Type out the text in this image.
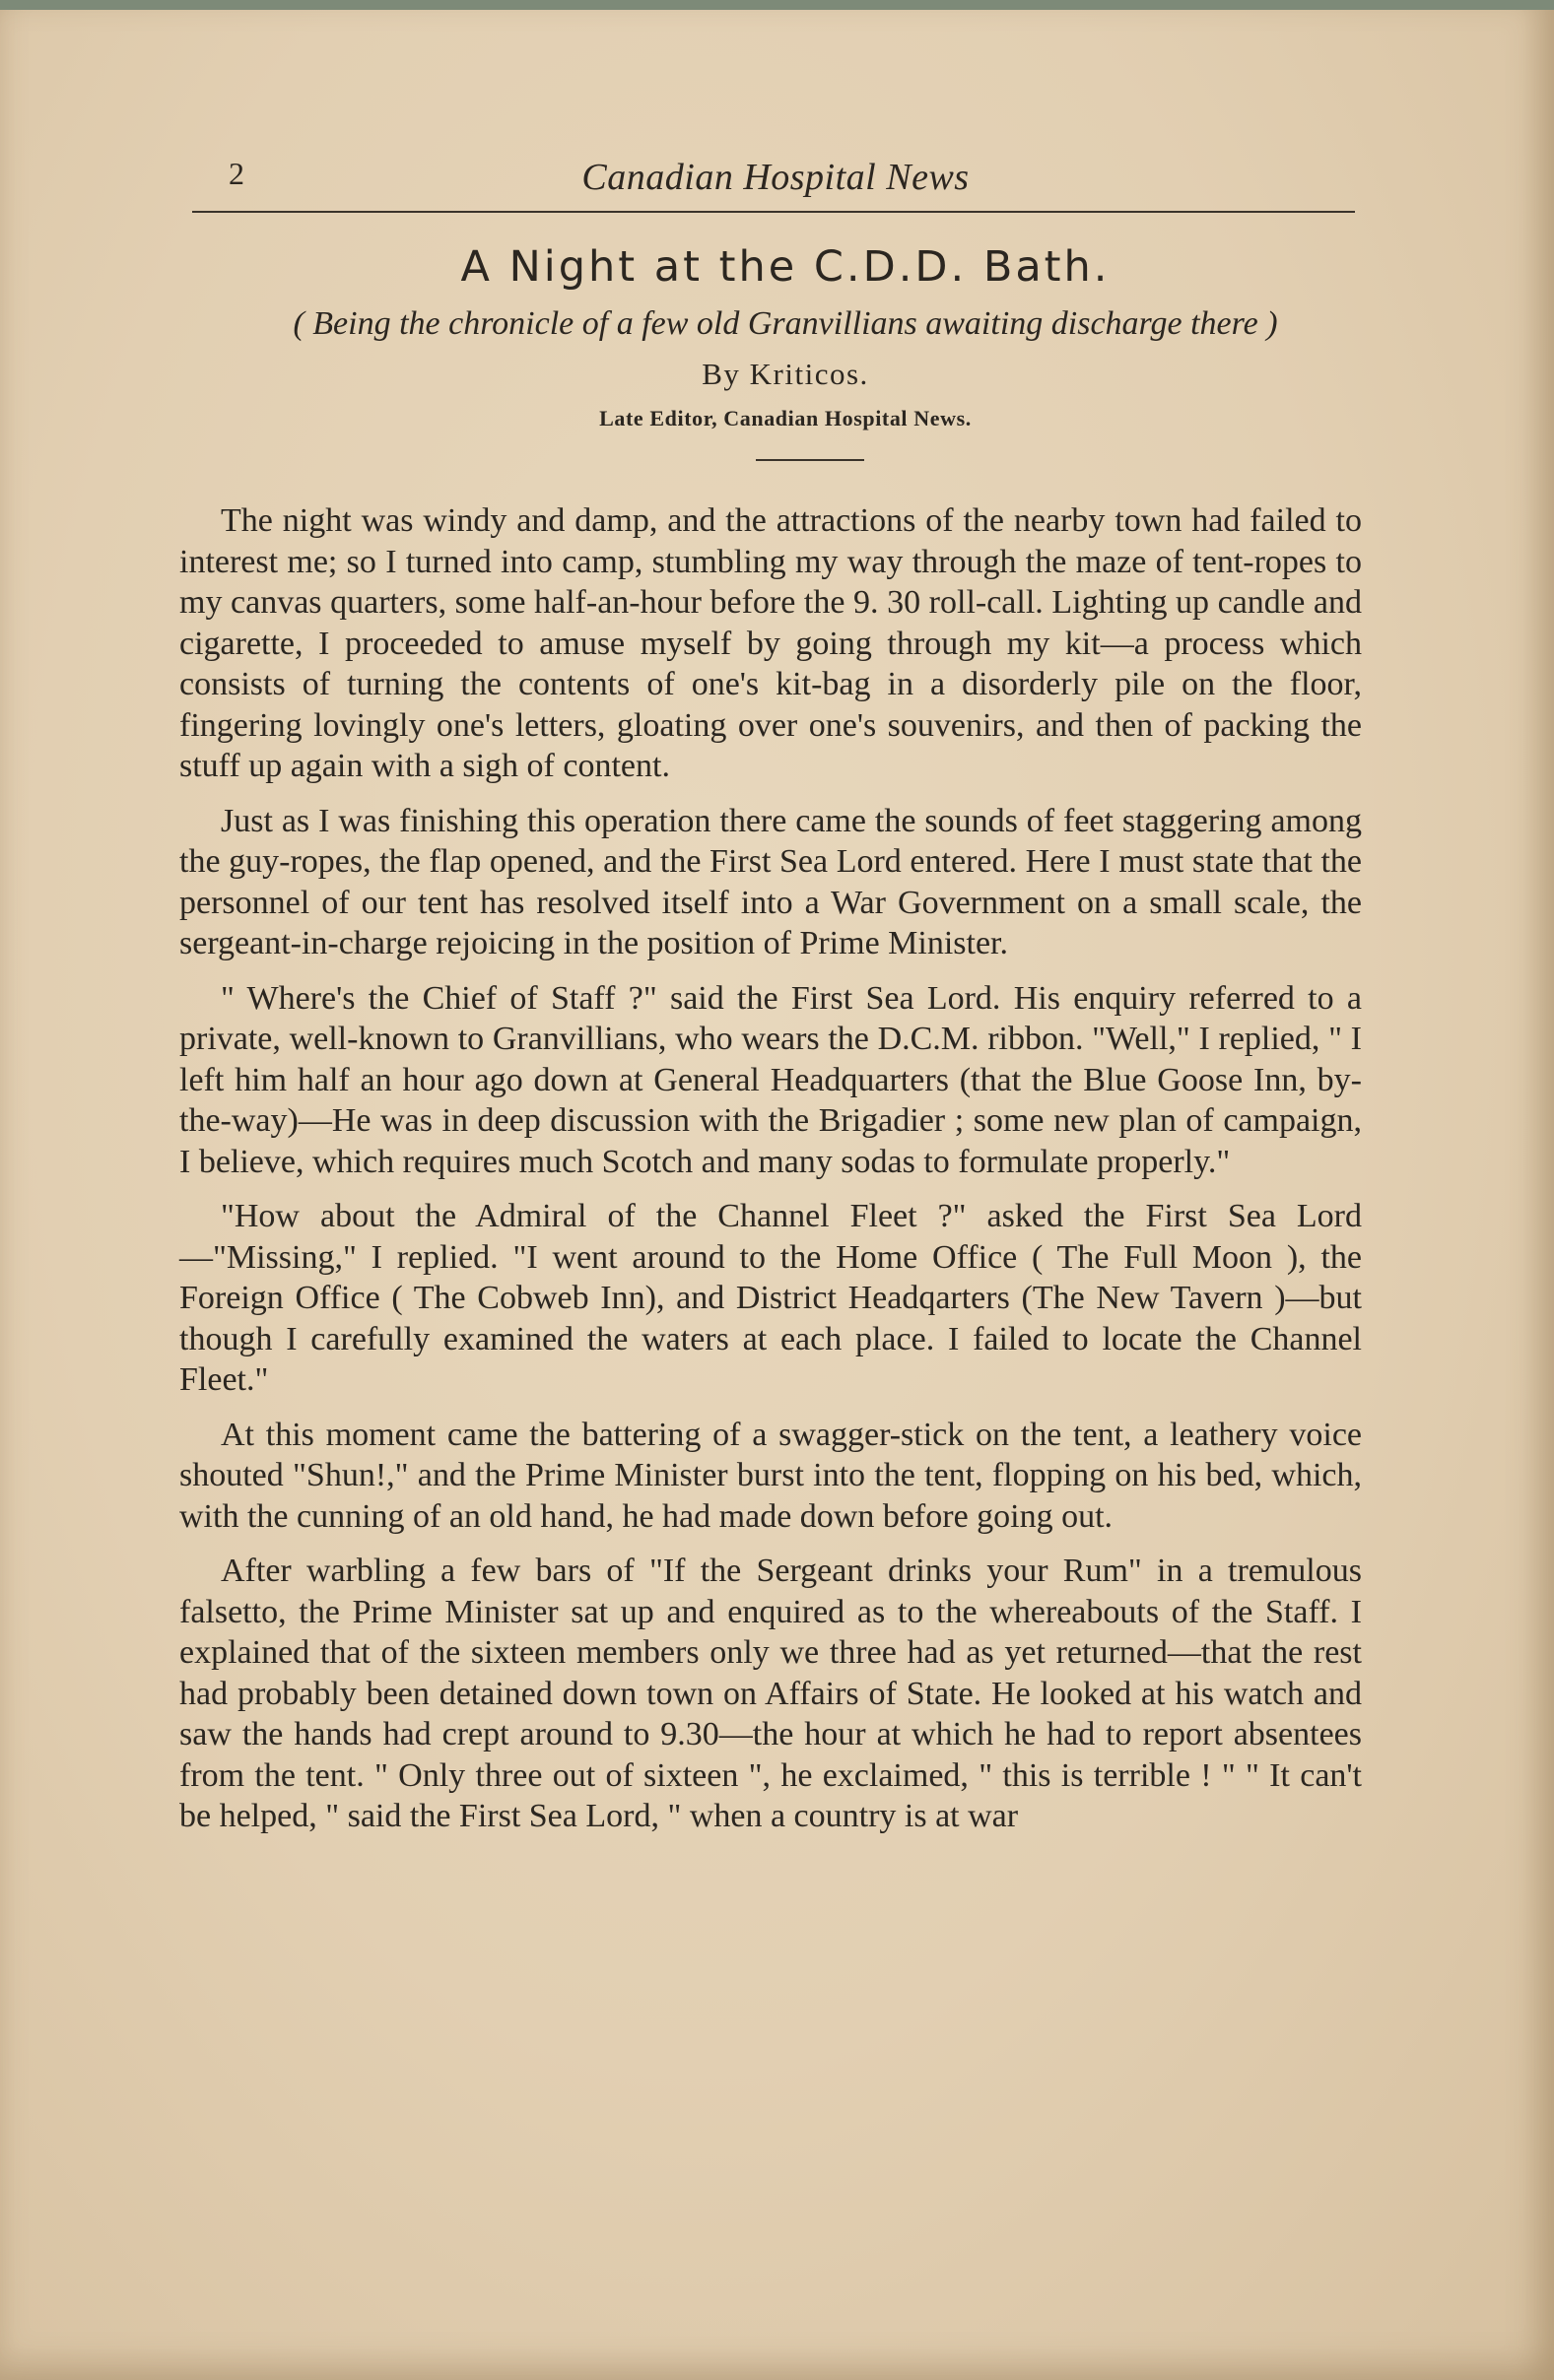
2	Canadian Hospital News
A Night at the C.D.D. Bath.
( Being the chronicle of a few old Granvillians awaiting discharge there )
By Kriticos.
Late Editor, Canadian Hospital News.

The night was windy and damp, and the attractions of the nearby town had failed to interest me; so I turned into camp, stumbling my way through the maze of tent-ropes to my canvas quarters, some half-an-hour before the 9. 30 roll-call. Lighting up candle and cigarette, I proceeded to amuse myself by going through my kit—a process which consists of turning the contents of one's kit-bag in a disorderly pile on the floor, fingering lovingly one's letters, gloating over one's souvenirs, and then of packing the stuff up again with a sigh of content.

Just as I was finishing this operation there came the sounds of feet staggering among the guy-ropes, the flap opened, and the First Sea Lord entered. Here I must state that the personnel of our tent has resolved itself into a War Government on a small scale, the sergeant-in-charge rejoicing in the position of Prime Minister.

" Where's the Chief of Staff ?" said the First Sea Lord. His enquiry referred to a private, well-known to Granvillians, who wears the D.C.M. ribbon. "Well," I replied, " I left him half an hour ago down at General Headquarters (that the Blue Goose Inn, by-the-way)—He was in deep discussion with the Brigadier ; some new plan of campaign, I believe, which requires much Scotch and many sodas to formulate properly."

"How about the Admiral of the Channel Fleet ?" asked the First Sea Lord—"Missing," I replied. "I went around to the Home Office ( The Full Moon ), the Foreign Office ( The Cobweb Inn), and District Headqarters (The New Tavern )—but though I carefully examined the waters at each place. I failed to locate the Channel Fleet."

At this moment came the battering of a swagger-stick on the tent, a leathery voice shouted "Shun!," and the Prime Minister burst into the tent, flopping on his bed, which, with the cunning of an old hand, he had made down before going out.

After warbling a few bars of "If the Sergeant drinks your Rum" in a tremulous falsetto, the Prime Minister sat up and enquired as to the whereabouts of the Staff. I explained that of the sixteen members only we three had as yet returned—that the rest had probably been detained down town on Affairs of State. He looked at his watch and saw the hands had crept around to 9.30—the hour at which he had to report absentees from the tent. " Only three out of sixteen ", he exclaimed, " this is terrible ! " " It can't be helped, " said the First Sea Lord, " when a country is at war
